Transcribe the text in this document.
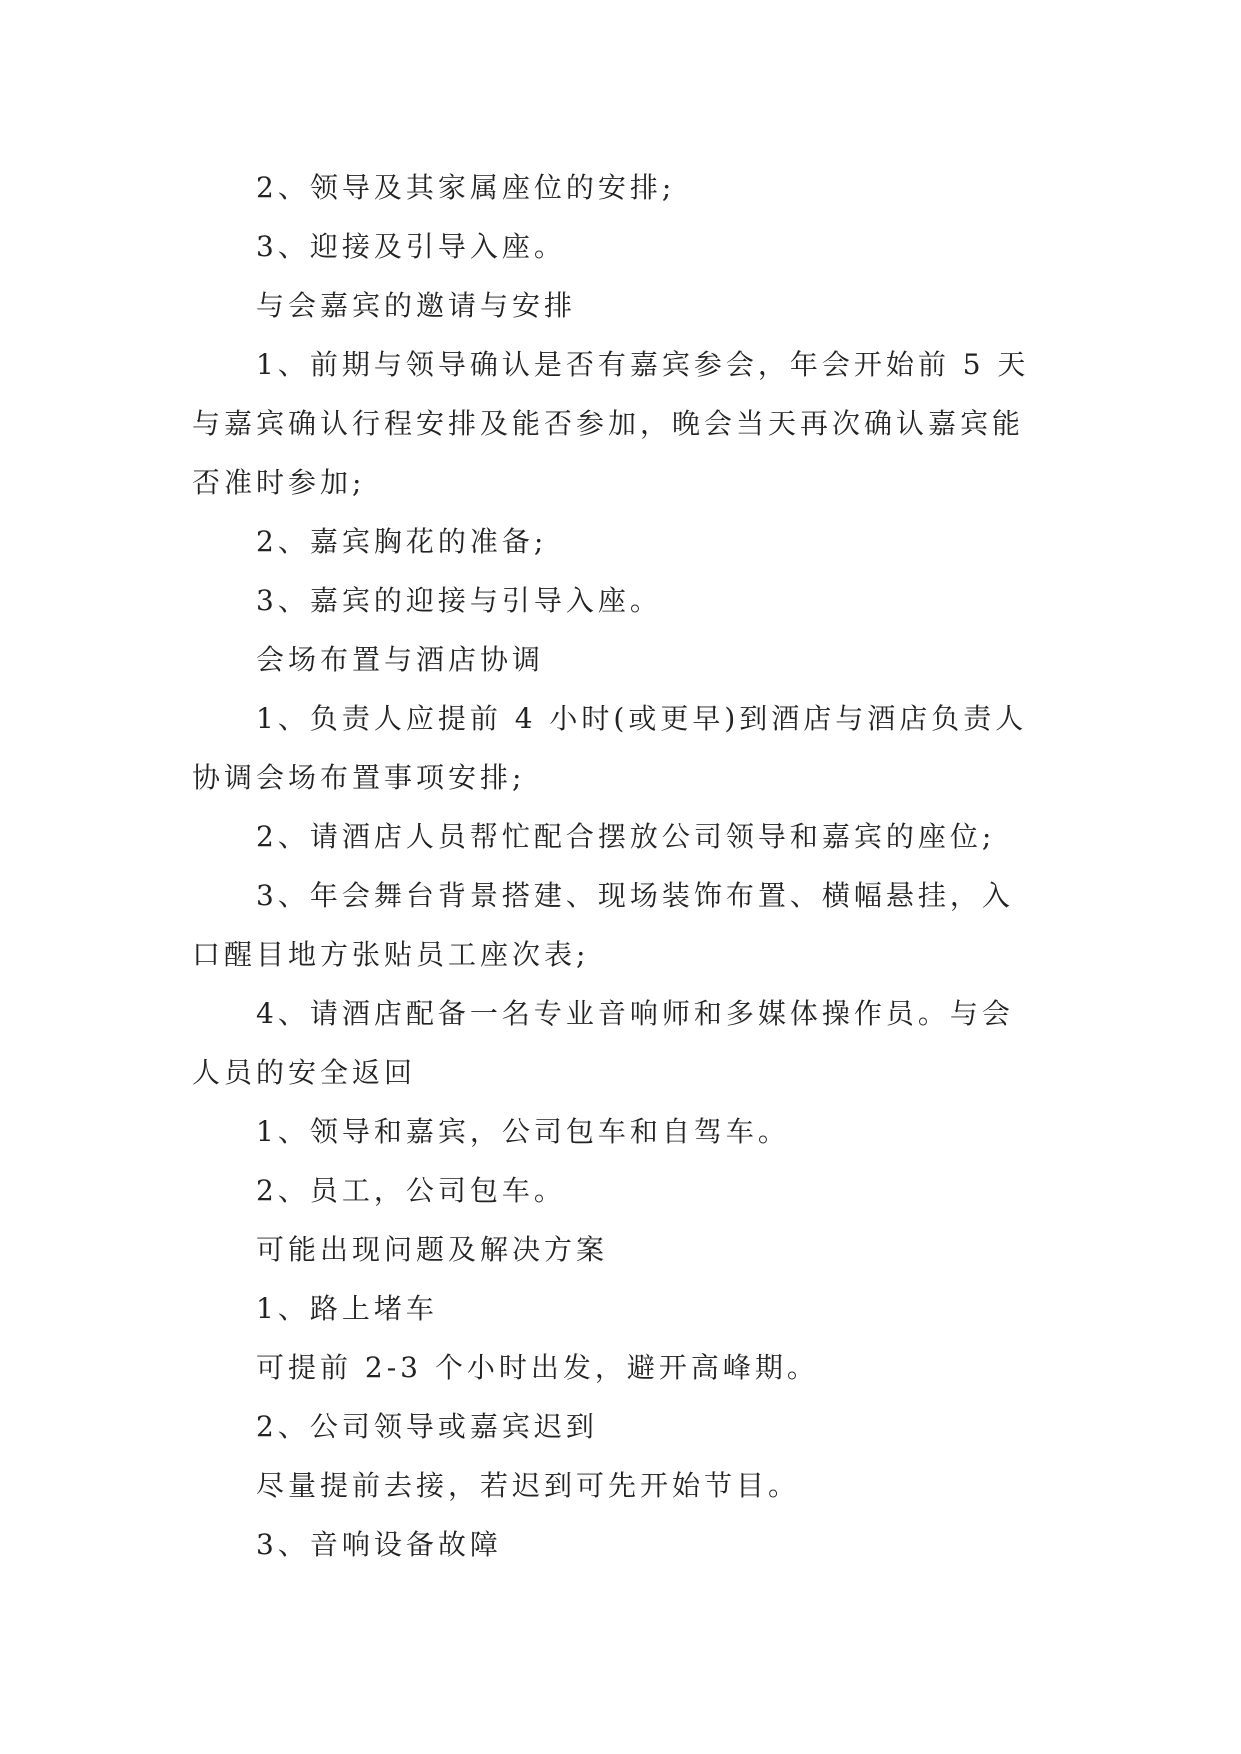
2、领导及其家属座位的安排;
3、迎接及引导入座。
与会嘉宾的邀请与安排
1、前期与领导确认是否有嘉宾参会，年会开始前 5 天
与嘉宾确认行程安排及能否参加，晚会当天再次确认嘉宾能
否准时参加;
2、嘉宾胸花的准备;
3、嘉宾的迎接与引导入座。
会场布置与酒店协调
1、负责人应提前 4 小时(或更早)到酒店与酒店负责人
协调会场布置事项安排;
2、请酒店人员帮忙配合摆放公司领导和嘉宾的座位;
3、年会舞台背景搭建、现场装饰布置、横幅悬挂，入
口醒目地方张贴员工座次表;
4、请酒店配备一名专业音响师和多媒体操作员。与会
人员的安全返回
1、领导和嘉宾，公司包车和自驾车。
2、员工，公司包车。
可能出现问题及解决方案
1、路上堵车
可提前 2-3 个小时出发，避开高峰期。
2、公司领导或嘉宾迟到
尽量提前去接，若迟到可先开始节目。
3、音响设备故障
